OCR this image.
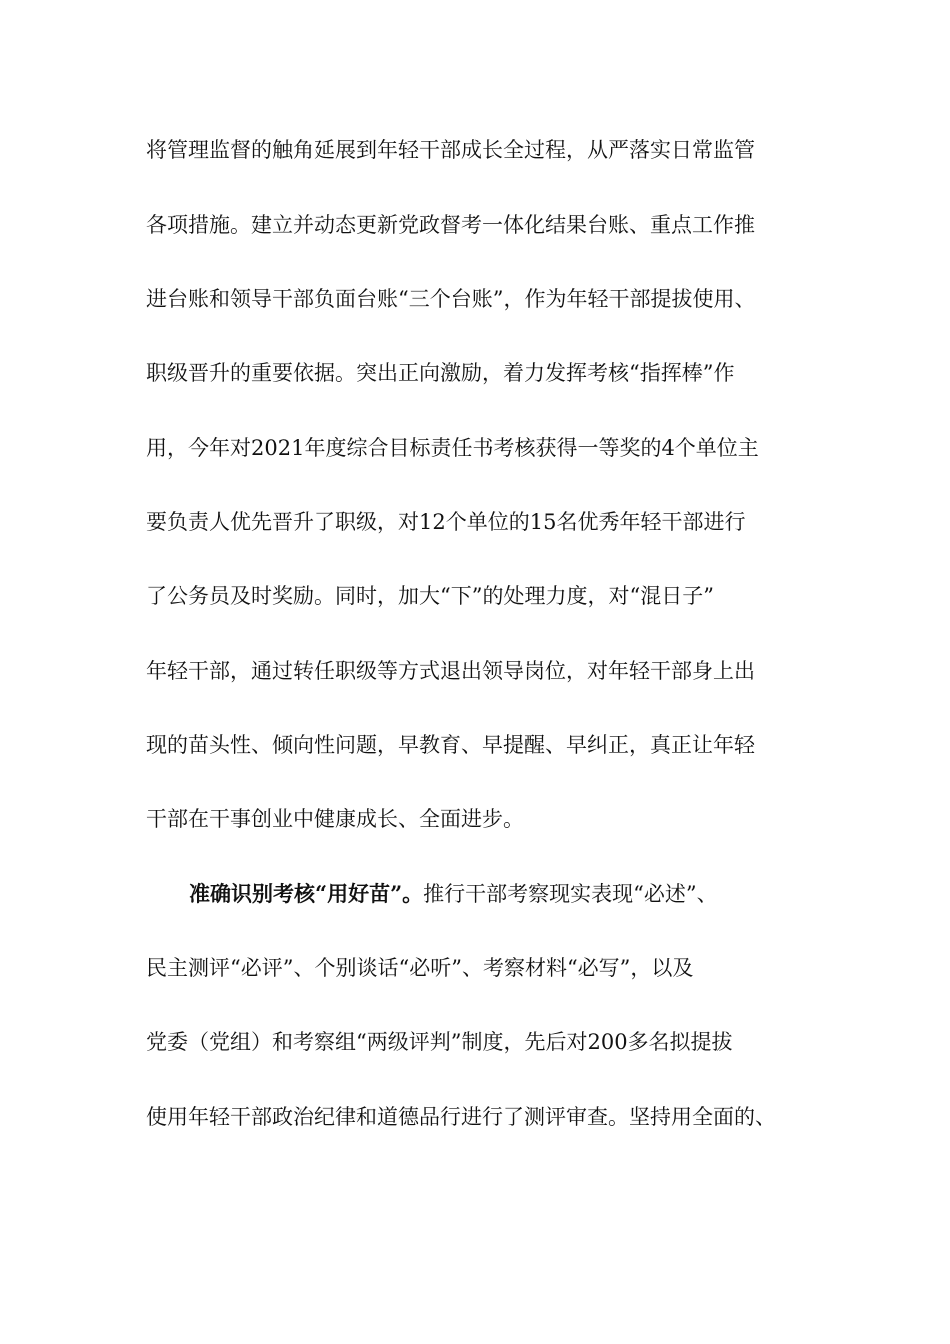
将管理监督的触角延展到年轻干部成长全过程，从严落实日常监管
各项措施。建立并动态更新党政督考一体化结果台账、重点工作推
进台账和领导干部负面台账“三个台账”，作为年轻干部提拔使用、
职级晋升的重要依据。突出正向激励，着力发挥考核“指挥棒”作
用，今年对2021年度综合目标责任书考核获得一等奖的4个单位主
要负责人优先晋升了职级，对12个单位的15名优秀年轻干部进行
了公务员及时奖励。同时，加大“下”的处理力度，对“混日子”
年轻干部，通过转任职级等方式退出领导岗位，对年轻干部身上出
现的苗头性、倾向性问题，早教育、早提醒、早纠正，真正让年轻
干部在干事创业中健康成长、全面进步。
准确识别考核“用好苗”。推行干部考察现实表现“必述”、
民主测评“必评”、个别谈话“必听”、考察材料“必写”，以及
党委（党组）和考察组“两级评判”制度，先后对200多名拟提拔
使用年轻干部政治纪律和道德品行进行了测评审查。坚持用全面的、
